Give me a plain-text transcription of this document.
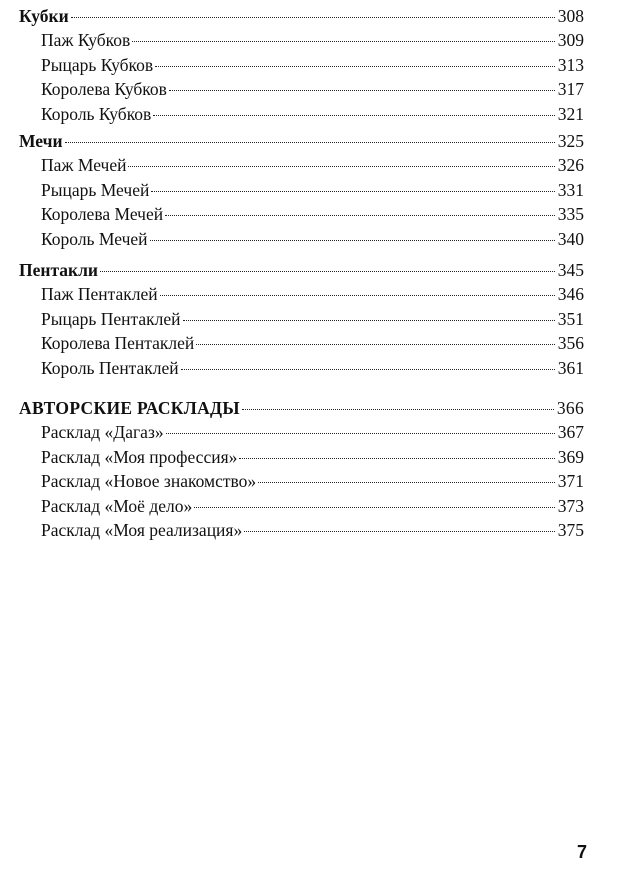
Кубки	308
Паж Кубков	309
Рыцарь Кубков	313
Королева Кубков	317
Король Кубков	321
Мечи	325
Паж Мечей	326
Рыцарь Мечей	331
Королева Мечей	335
Король Мечей	340
Пентакли	345
Паж Пентаклей	346
Рыцарь Пентаклей	351
Королева Пентаклей	356
Король Пентаклей	361
АВТОРСКИЕ РАСКЛАДЫ	366
Расклад «Дагаз»	367
Расклад «Моя профессия»	369
Расклад «Новое знакомство»	371
Расклад «Моё дело»	373
Расклад «Моя реализация»	375
7
